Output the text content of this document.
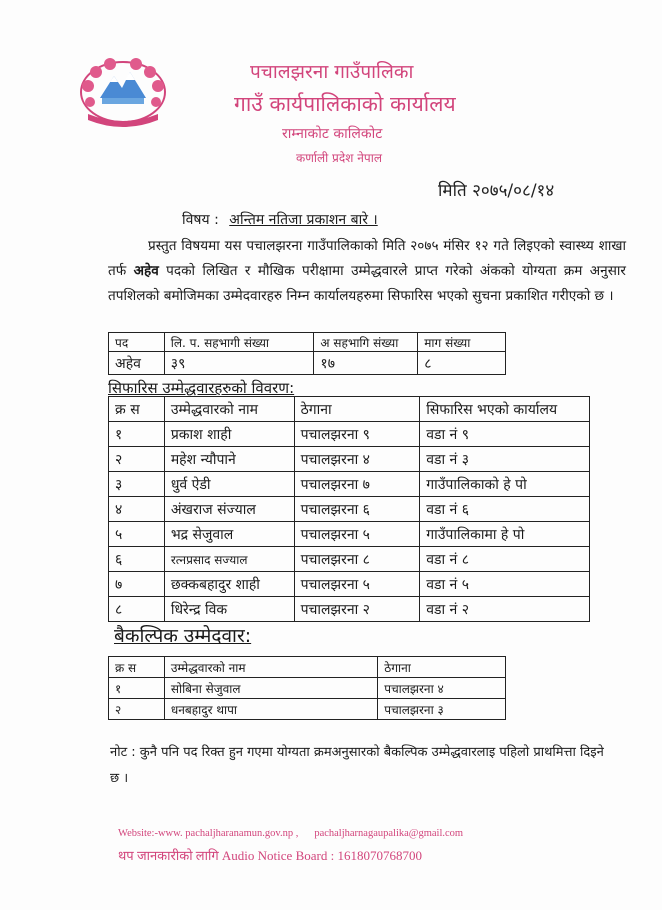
पचालझरना गाउँपालिका
गाउँ कार्यपालिकाको कार्यालय
राम्नाकोट कालिकोट
कर्णाली प्रदेश नेपाल
मिति २०७५/०८/१४
विषय : अन्तिम नतिजा प्रकाशन बारे ।
प्रस्तुत विषयमा यस पचालझरना गाउँपालिकाको मिति २०७५ मंसिर १२ गते लिइएको स्वास्थ्य शाखा तर्फ अहेव पदको लिखित र मौखिक परीक्षामा उम्मेद्धवारले प्राप्त गरेको अंकको योग्यता क्रम अनुसार तपशिलको बमोजिमका उम्मेदवारहरु निम्न कार्यालयहरुमा सिफारिस भएको सुचना प्रकाशित गरीएको छ ।
पद	लि. प. सहभागी संख्या	अ सहभागि संख्या	माग संख्या
अहेव	३९	१७	८
सिफारिस उम्मेद्धवारहरुको विवरण:
क्र स	उम्मेद्धवारको नाम	ठेगाना	सिफारिस भएको कार्यालय
१	प्रकाश शाही	पचालझरना ९	वडा नं ९
२	महेश न्यौपाने	पचालझरना ४	वडा नं ३
३	धुर्व ऐडी	पचालझरना ७	गाउँपालिकाको हे पो
४	अंखराज संज्याल	पचालझरना ६	वडा नं ६
५	भद्र सेजुवाल	पचालझरना ५	गाउँपालिकामा हे पो
६	रत्नप्रसाद सज्याल	पचालझरना ८	वडा नं ८
७	छक्कबहादुर शाही	पचालझरना ५	वडा नं ५
८	धिरेन्द्र विक	पचालझरना २	वडा नं २
बैकल्पिक उम्मेदवार:
क्र स	उम्मेद्धवारको नाम	ठेगाना
१	सोबिना सेजुवाल	पचालझरना ४
२	धनबहादुर थापा	पचालझरना ३
नोट : कुनै पनि पद रिक्त हुन गएमा योग्यता क्रमअनुसारको बैकल्पिक उम्मेद्धवारलाइ पहिलो प्राथमित्ता दिइने छ ।
Website:-www. pachaljharanamun.gov.np , pachaljharnagaupalika@gmail.com
थप जानकारीको लागि Audio Notice Board : 1618070768700
